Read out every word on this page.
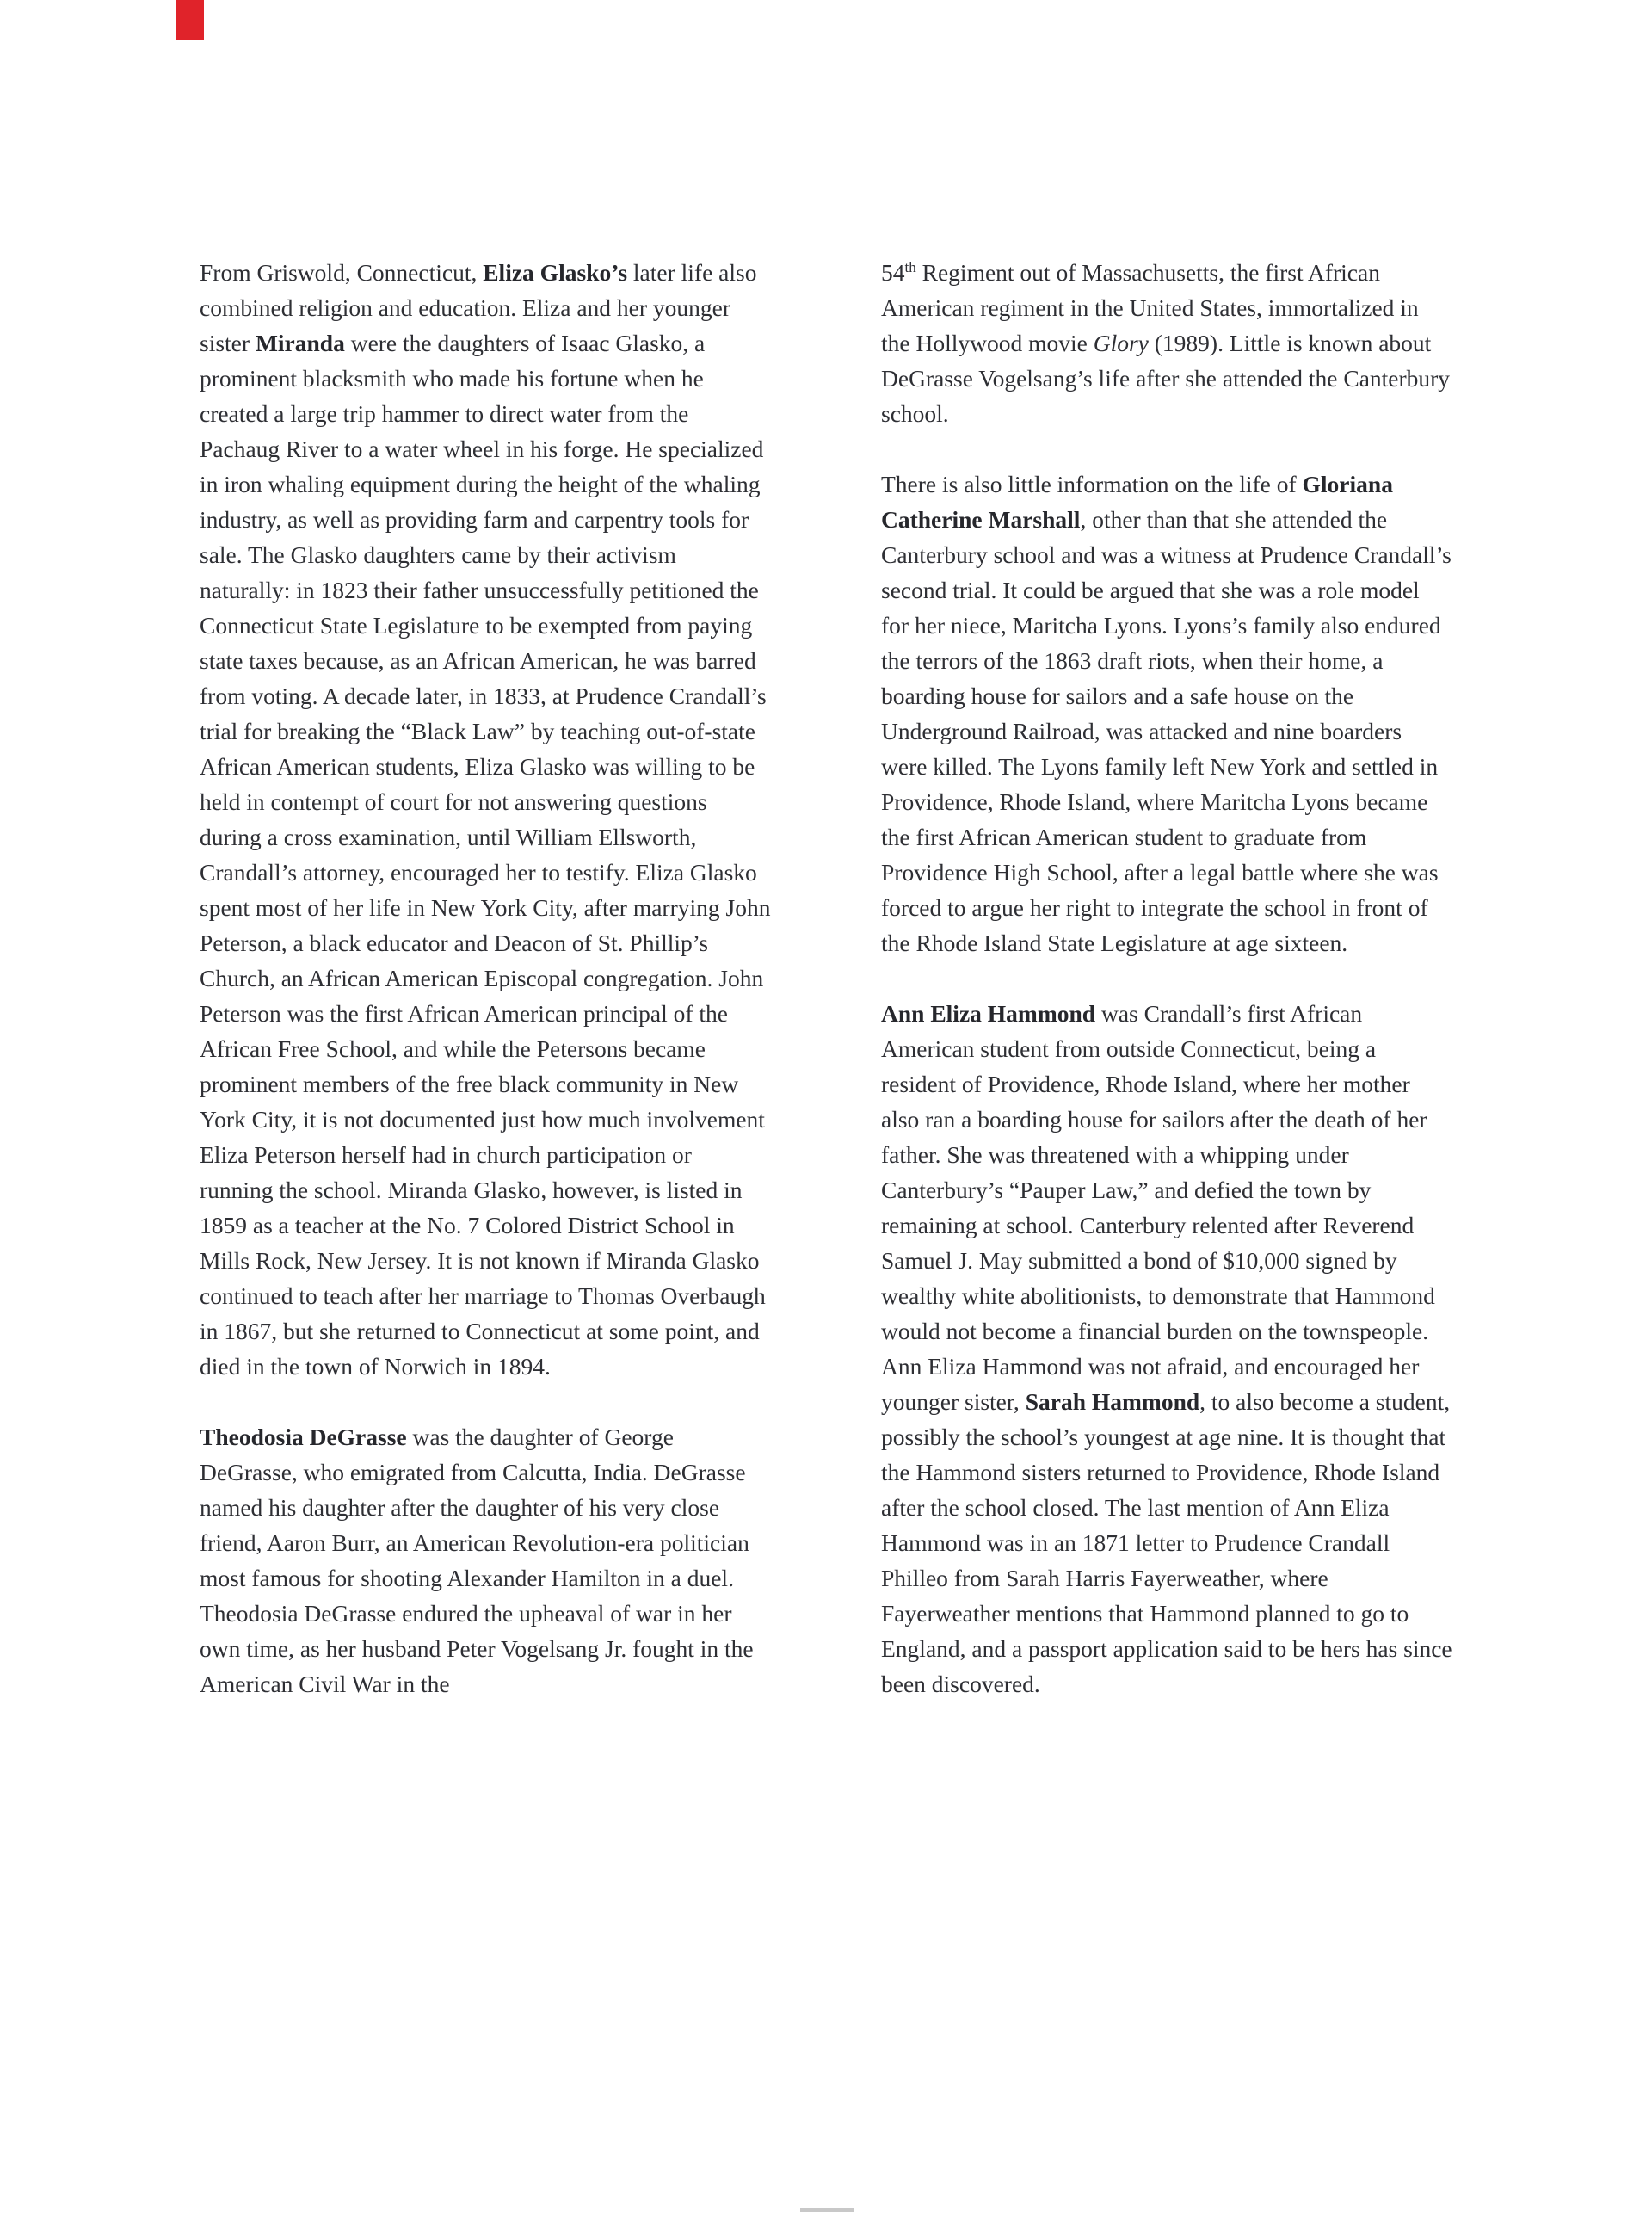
From Griswold, Connecticut, Eliza Glasko’s later life also combined religion and education. Eliza and her younger sister Miranda were the daughters of Isaac Glasko, a prominent blacksmith who made his fortune when he created a large trip hammer to direct water from the Pachaug River to a water wheel in his forge. He specialized in iron whaling equipment during the height of the whaling industry, as well as providing farm and carpentry tools for sale. The Glasko daughters came by their activism naturally: in 1823 their father unsuccessfully petitioned the Connecticut State Legislature to be exempted from paying state taxes because, as an African American, he was barred from voting. A decade later, in 1833, at Prudence Crandall’s trial for breaking the “Black Law” by teaching out-of-state African American students, Eliza Glasko was willing to be held in contempt of court for not answering questions during a cross examination, until William Ellsworth, Crandall’s attorney, encouraged her to testify. Eliza Glasko spent most of her life in New York City, after marrying John Peterson, a black educator and Deacon of St. Phillip’s Church, an African American Episcopal congregation. John Peterson was the first African American principal of the African Free School, and while the Petersons became prominent members of the free black community in New York City, it is not documented just how much involvement Eliza Peterson herself had in church participation or running the school. Miranda Glasko, however, is listed in 1859 as a teacher at the No. 7 Colored District School in Mills Rock, New Jersey. It is not known if Miranda Glasko continued to teach after her marriage to Thomas Overbaugh in 1867, but she returned to Connecticut at some point, and died in the town of Norwich in 1894.

Theodosia DeGrasse was the daughter of George DeGrasse, who emigrated from Calcutta, India. DeGrasse named his daughter after the daughter of his very close friend, Aaron Burr, an American Revolution-era politician most famous for shooting Alexander Hamilton in a duel. Theodosia DeGrasse endured the upheaval of war in her own time, as her husband Peter Vogelsang Jr. fought in the American Civil War in the

54th Regiment out of Massachusetts, the first African American regiment in the United States, immortalized in the Hollywood movie Glory (1989). Little is known about DeGrasse Vogelsang’s life after she attended the Canterbury school.

There is also little information on the life of Gloriana Catherine Marshall, other than that she attended the Canterbury school and was a witness at Prudence Crandall’s second trial. It could be argued that she was a role model for her niece, Maritcha Lyons. Lyons’s family also endured the terrors of the 1863 draft riots, when their home, a boarding house for sailors and a safe house on the Underground Railroad, was attacked and nine boarders were killed. The Lyons family left New York and settled in Providence, Rhode Island, where Maritcha Lyons became the first African American student to graduate from Providence High School, after a legal battle where she was forced to argue her right to integrate the school in front of the Rhode Island State Legislature at age sixteen.

Ann Eliza Hammond was Crandall’s first African American student from outside Connecticut, being a resident of Providence, Rhode Island, where her mother also ran a boarding house for sailors after the death of her father. She was threatened with a whipping under Canterbury’s “Pauper Law,” and defied the town by remaining at school. Canterbury relented after Reverend Samuel J. May submitted a bond of $10,000 signed by wealthy white abolitionists, to demonstrate that Hammond would not become a financial burden on the townspeople. Ann Eliza Hammond was not afraid, and encouraged her younger sister, Sarah Hammond, to also become a student, possibly the school’s youngest at age nine. It is thought that the Hammond sisters returned to Providence, Rhode Island after the school closed. The last mention of Ann Eliza Hammond was in an 1871 letter to Prudence Crandall Philleo from Sarah Harris Fayerweather, where Fayerweather mentions that Hammond planned to go to England, and a passport application said to be hers has since been discovered.
